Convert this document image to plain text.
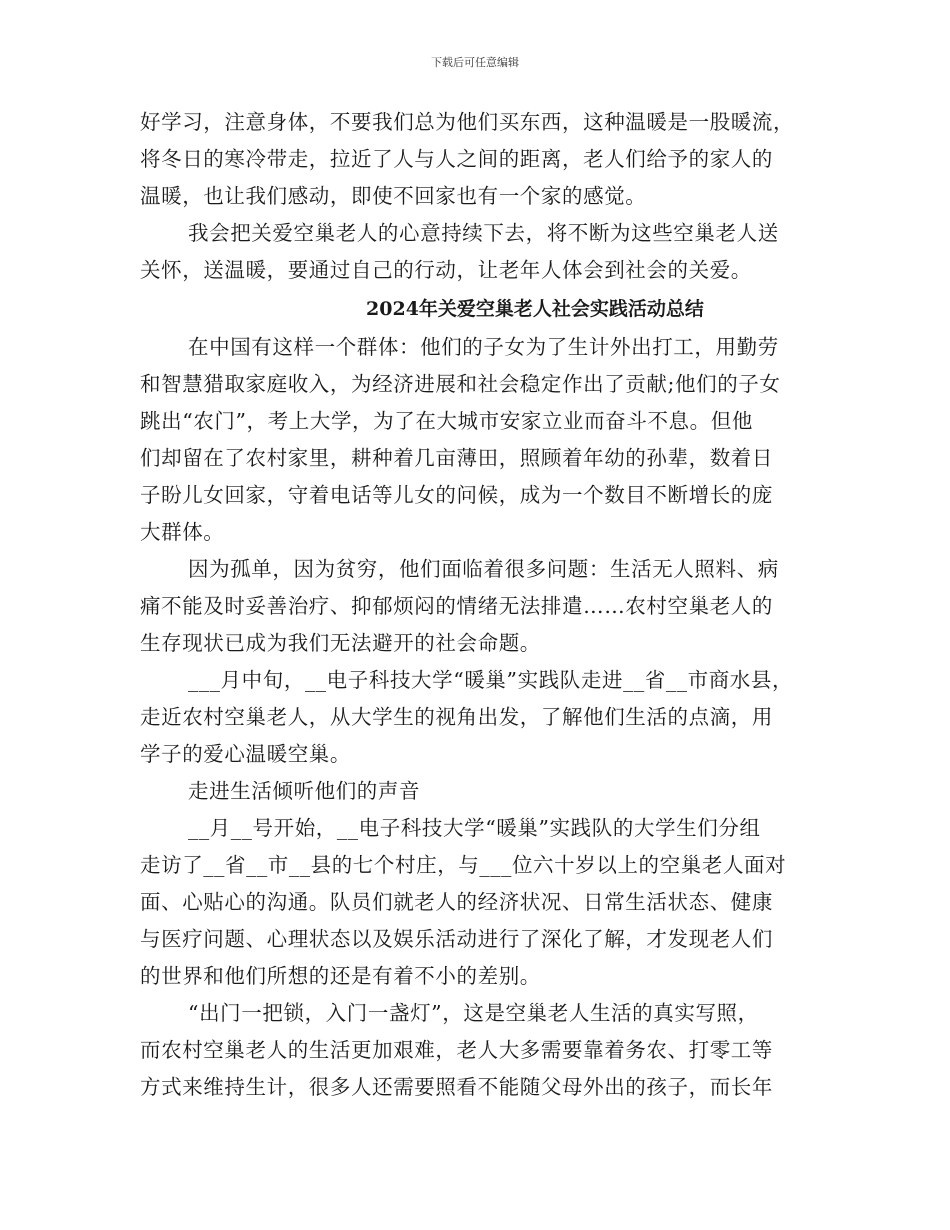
下载后可任意编辑
好学习，注意身体，不要我们总为他们买东西，这种温暖是一股暖流，
将冬日的寒冷带走，拉近了人与人之间的距离，老人们给予的家人的
温暖，也让我们感动，即使不回家也有一个家的感觉。
我会把关爱空巢老人的心意持续下去，将不断为这些空巢老人送
关怀，送温暖，要通过自己的行动，让老年人体会到社会的关爱。
2024年关爱空巢老人社会实践活动总结
在中国有这样一个群体：他们的子女为了生计外出打工，用勤劳
和智慧猎取家庭收入，为经济进展和社会稳定作出了贡献;他们的子女
跳出“农门”，考上大学，为了在大城市安家立业而奋斗不息。但他
们却留在了农村家里，耕种着几亩薄田，照顾着年幼的孙辈，数着日
子盼儿女回家，守着电话等儿女的问候，成为一个数目不断增长的庞
大群体。
因为孤单，因为贫穷，他们面临着很多问题：生活无人照料、病
痛不能及时妥善治疗、抑郁烦闷的情绪无法排遣……农村空巢老人的
生存现状已成为我们无法避开的社会命题。
___月中旬，__电子科技大学“暖巢”实践队走进__省__市商水县，
走近农村空巢老人，从大学生的视角出发，了解他们生活的点滴，用
学子的爱心温暖空巢。
走进生活倾听他们的声音
__月__号开始，__电子科技大学“暖巢”实践队的大学生们分组
走访了__省__市__县的七个村庄，与___位六十岁以上的空巢老人面对
面、心贴心的沟通。队员们就老人的经济状况、日常生活状态、健康
与医疗问题、心理状态以及娱乐活动进行了深化了解，才发现老人们
的世界和他们所想的还是有着不小的差别。
“出门一把锁，入门一盏灯”，这是空巢老人生活的真实写照，
而农村空巢老人的生活更加艰难，老人大多需要靠着务农、打零工等
方式来维持生计，很多人还需要照看不能随父母外出的孩子，而长年
